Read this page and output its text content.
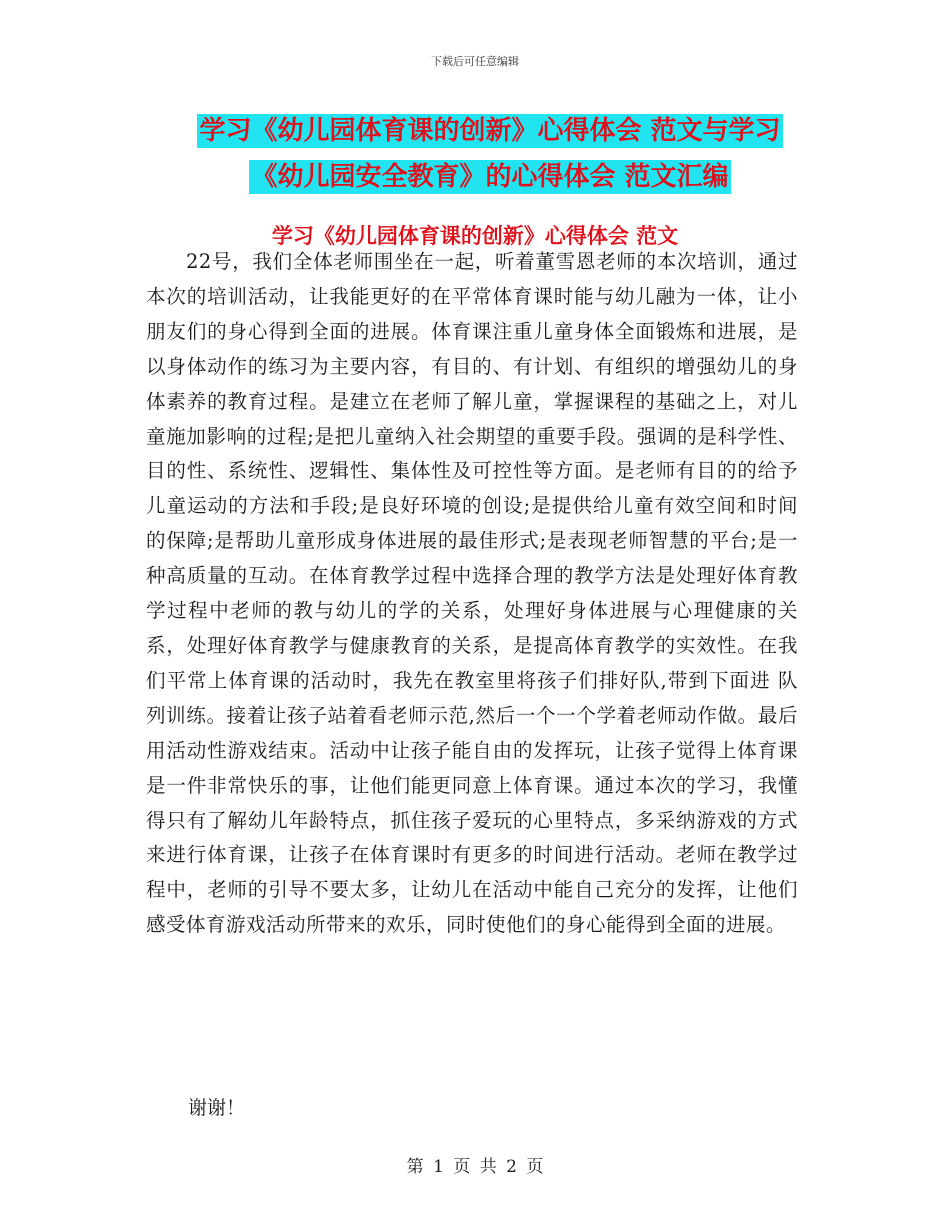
下载后可任意编辑
学习《幼儿园体育课的创新》心得体会 范文与学习
《幼儿园安全教育》的心得体会 范文汇编
学习《幼儿园体育课的创新》心得体会 范文

22号，我们全体老师围坐在一起，听着董雪恩老师的本次培训，通过本次的培训活动，让我能更好的在平常体育课时能与幼儿融为一体，让小朋友们的身心得到全面的进展。体育课注重儿童身体全面锻炼和进展，是以身体动作的练习为主要内容，有目的、有计划、有组织的增强幼儿的身体素养的教育过程。是建立在老师了解儿童，掌握课程的基础之上，对儿童施加影响的过程;是把儿童纳入社会期望的重要手段。强调的是科学性、目的性、系统性、逻辑性、集体性及可控性等方面。是老师有目的的给予儿童运动的方法和手段;是良好环境的创设;是提供给儿童有效空间和时间的保障;是帮助儿童形成身体进展的最佳形式;是表现老师智慧的平台;是一种高质量的互动。在体育教学过程中选择合理的教学方法是处理好体育教学过程中老师的教与幼儿的学的关系，处理好身体进展与心理健康的关系，处理好体育教学与健康教育的关系，是提高体育教学的实效性。在我们平常上体育课的活动时，我先在教室里将孩子们排好队,带到下面进 队列训练。接着让孩子站着看老师示范,然后一个一个学着老师动作做。最后用活动性游戏结束。活动中让孩子能自由的发挥玩，让孩子觉得上体育课是一件非常快乐的事，让他们能更同意上体育课。通过本次的学习，我懂得只有了解幼儿年龄特点，抓住孩子爱玩的心里特点，多采纳游戏的方式来进行体育课，让孩子在体育课时有更多的时间进行活动。老师在教学过程中，老师的引导不要太多，让幼儿在活动中能自己充分的发挥，让他们感受体育游戏活动所带来的欢乐，同时使他们的身心能得到全面的进展。

谢谢！

第 1 页 共 2 页
